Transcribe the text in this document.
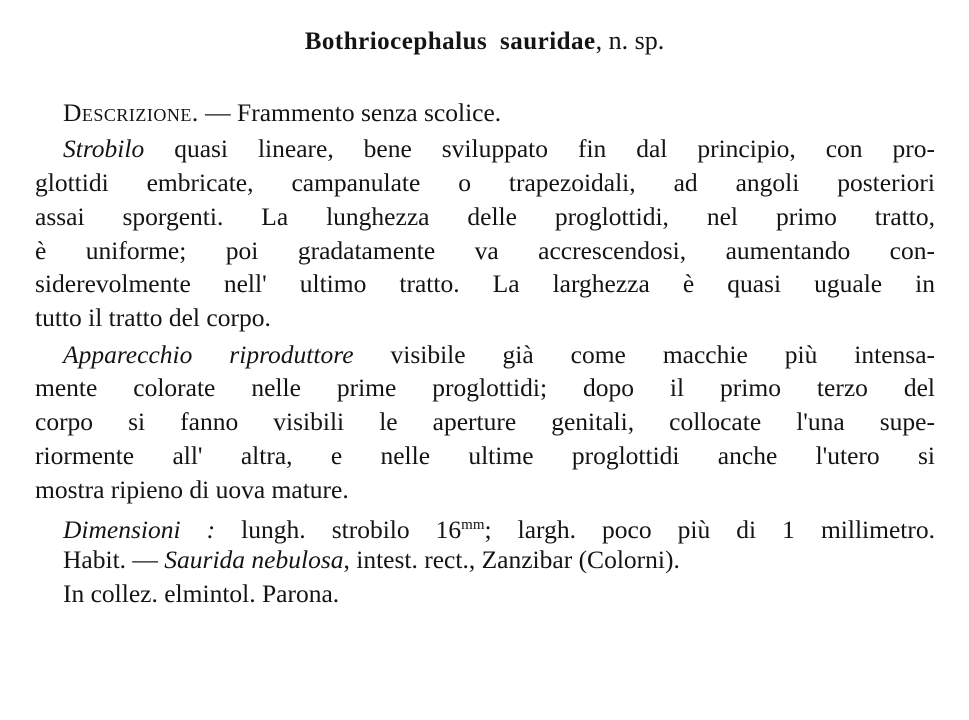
Bothriocephalus sauridae, n. sp.
Descrizione. — Frammento senza scolice.
Strobilo quasi lineare, bene sviluppato fin dal principio, con pro-
glottidi embricate, campanulate o trapezoidali, ad angoli posteriori
assai sporgenti. La lunghezza delle proglottidi, nel primo tratto,
è uniforme; poi gradatamente va accrescendosi, aumentando con-
siderevolmente nell' ultimo tratto. La larghezza è quasi uguale in
tutto il tratto del corpo.
Apparecchio riproduttore visibile già come macchie più intensa-
mente colorate nelle prime proglottidi; dopo il primo terzo del
corpo si fanno visibili le aperture genitali, collocate l'una supe-
riormente all' altra, e nelle ultime proglottidi anche l'utero si
mostra ripieno di uova mature.
Dimensioni : lungh. strobilo $16^{mm}$; largh. poco più di 1 millimetro.
Habit. — Saurida nebulosa, intest. rect., Zanzibar (Colorni).
In collez. elmintol. Parona.
